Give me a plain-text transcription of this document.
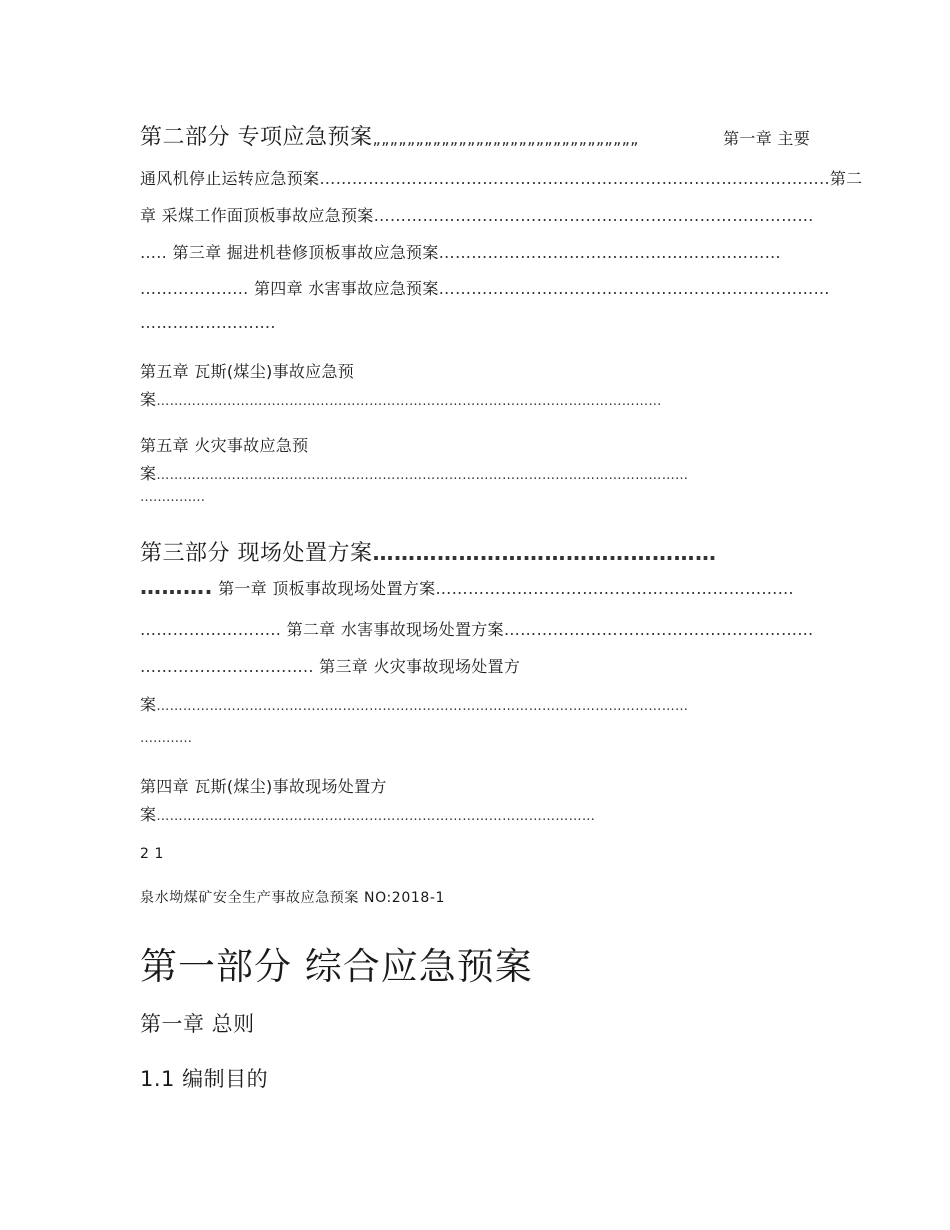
第二部分 专项应急预案„„„„„„„„„„„„„„„„„„„„„„„„„„„„„„„	第一章 主要
通风机停止运转应急预案……………………………………………………………..………………….. 第二
章 采煤工作面顶板事故应急预案………………………………………………………………………
….. 第三章 掘进机巷修顶板事故应急预案………………………………………………………
……………….. 第四章 水害事故应急预案………………………………………………………………
…………………….
第五章 瓦斯(煤尘)事故应急预
案……………………………………………………………………………………………………
第五章 火灾事故应急预
案…………………………………………………………………………………………………………
……………
第三部分 现场处置方案…………………………………………
………. 第一章 顶板事故现场处置方案…………………………………………………………
…………………….. 第二章 水害事故现场处置方案…………………………………………………
………………………….. 第三章 火灾事故现场处置方
案…………………………………………………………………………………………………………
…………
第四章 瓦斯(煤尘)事故现场处置方
案………………………………………………………………………………………
2 1
泉水坳煤矿安全生产事故应急预案 NO:2018-1
第一部分 综合应急预案
第一章 总则
1.1 编制目的
